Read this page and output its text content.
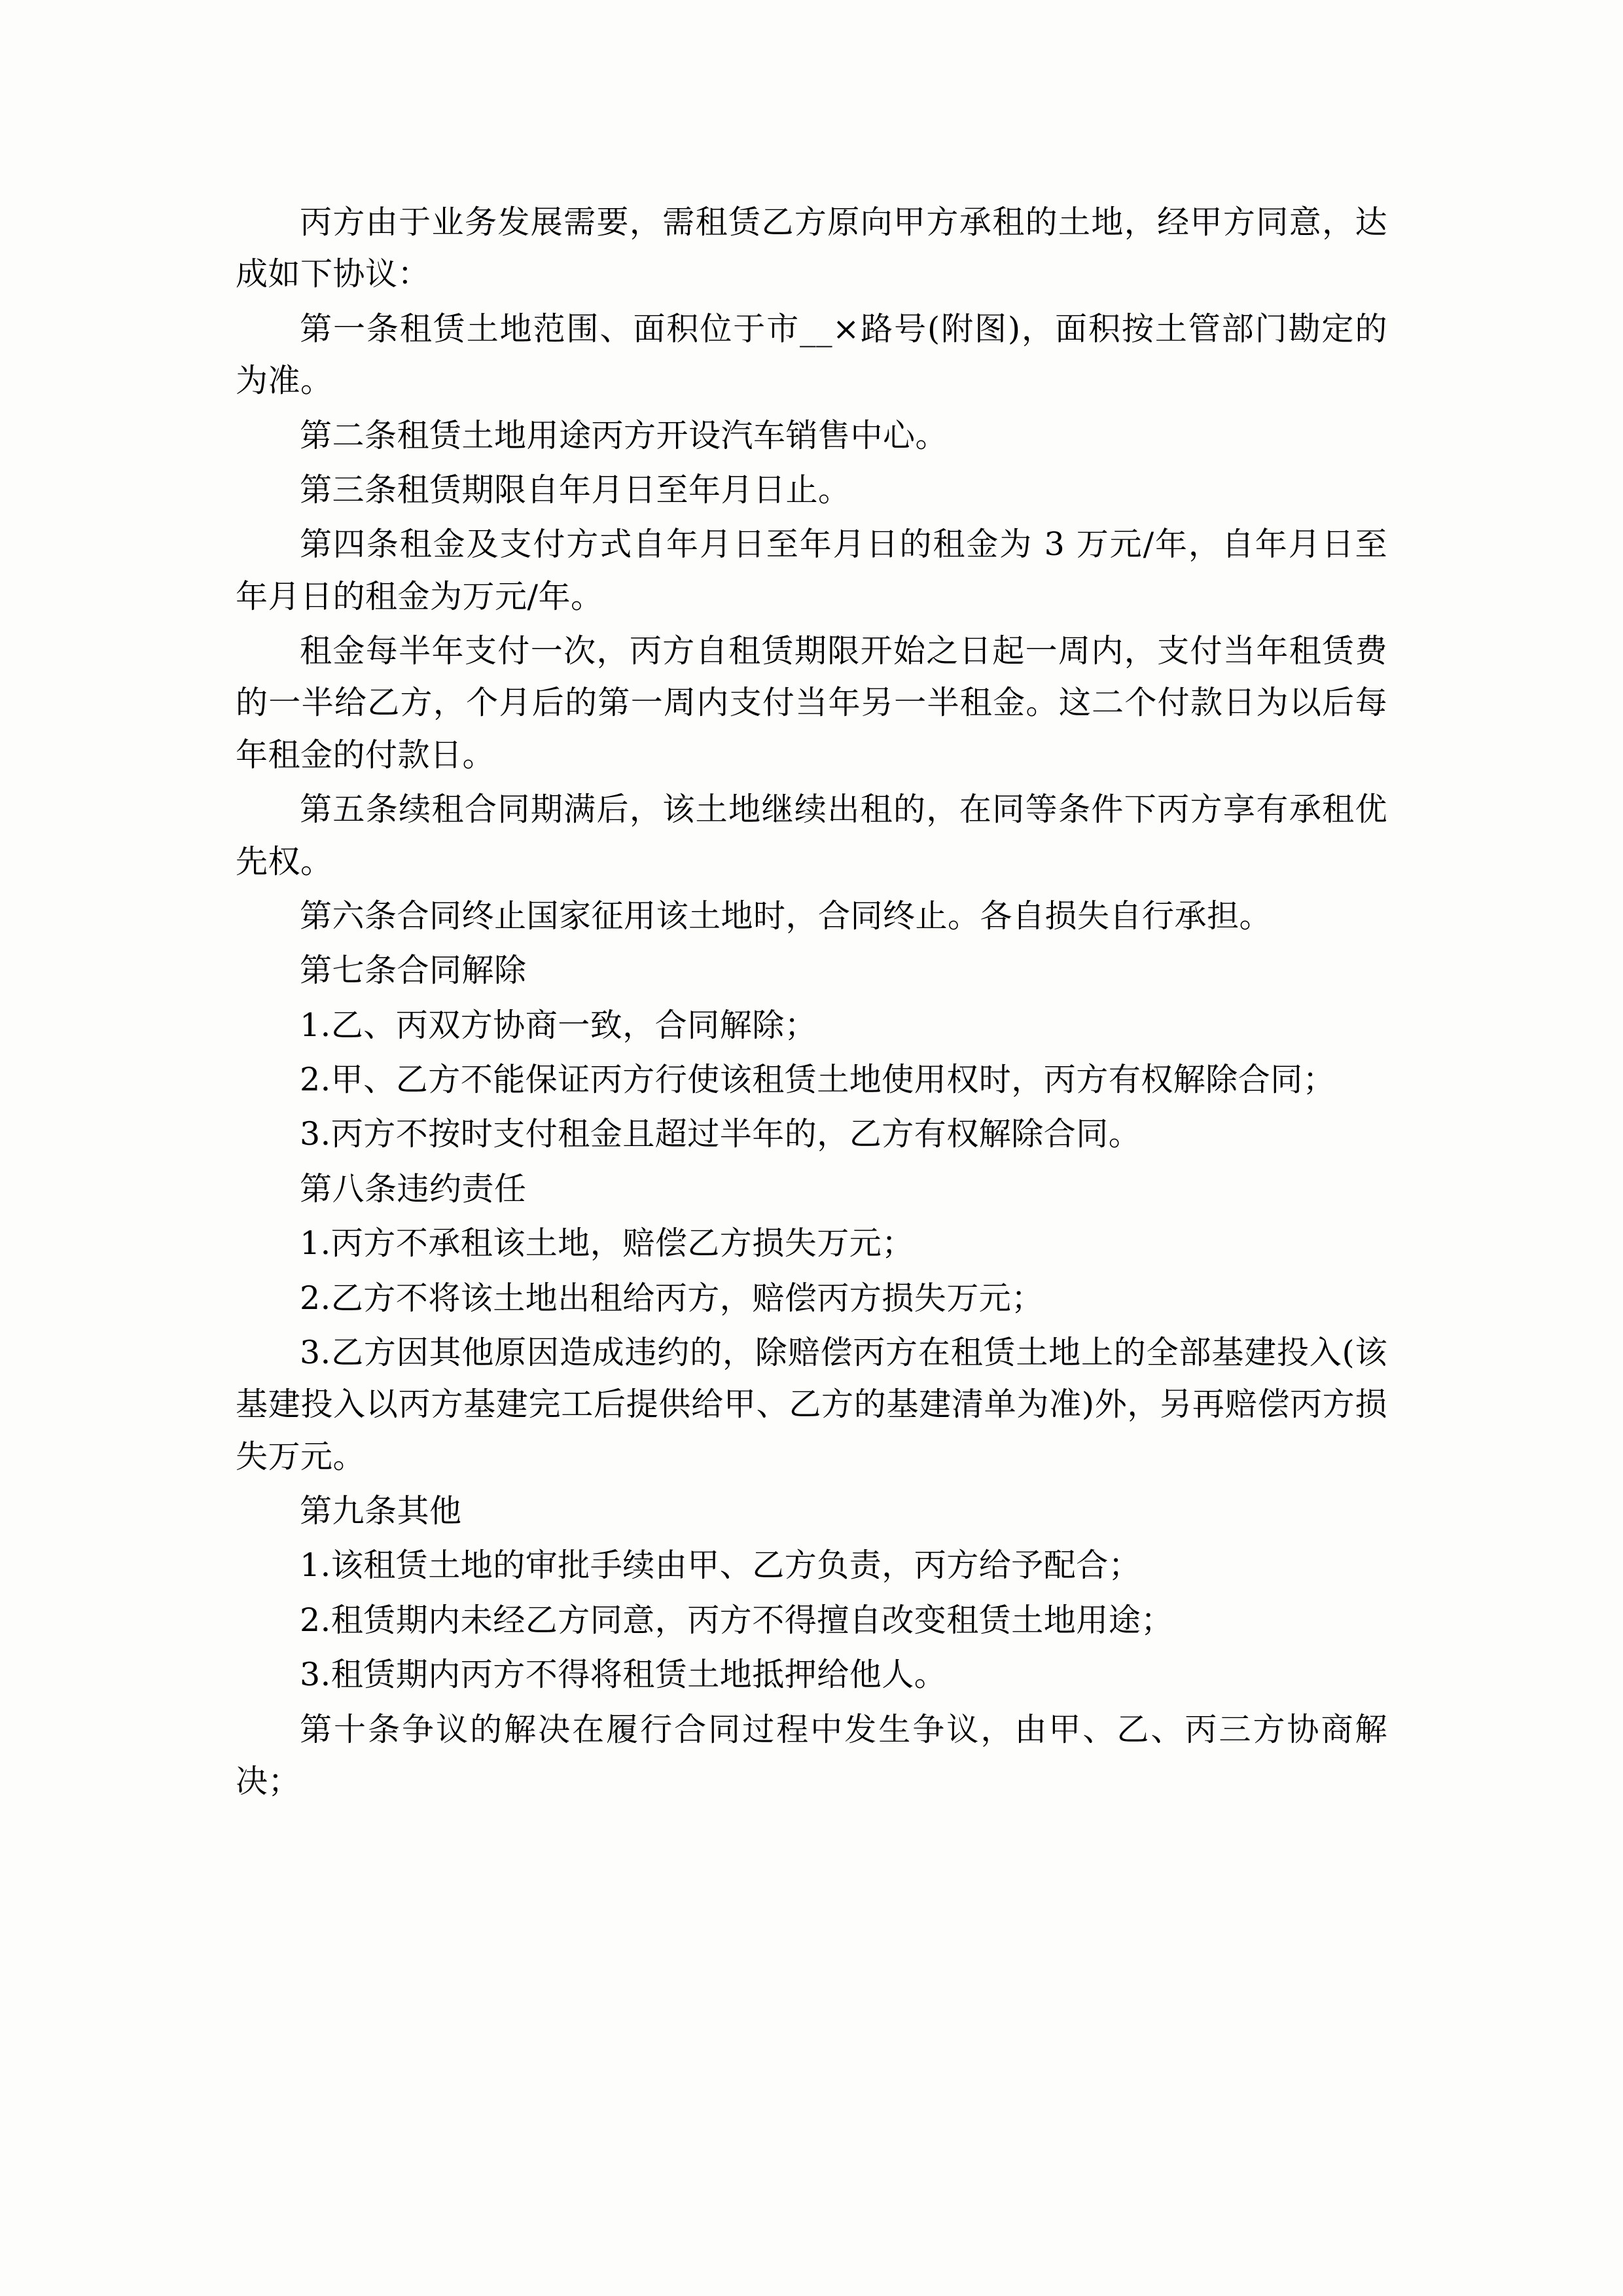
丙方由于业务发展需要，需租赁乙方原向甲方承租的土地，经甲方同意，达成如下协议：

第一条租赁土地范围、面积位于市__×路号(附图)，面积按土管部门勘定的为准。

第二条租赁土地用途丙方开设汽车销售中心。

第三条租赁期限自年月日至年月日止。

第四条租金及支付方式自年月日至年月日的租金为 3 万元/年，自年月日至年月日的租金为万元/年。

租金每半年支付一次，丙方自租赁期限开始之日起一周内，支付当年租赁费的一半给乙方，个月后的第一周内支付当年另一半租金。这二个付款日为以后每年租金的付款日。

第五条续租合同期满后，该土地继续出租的，在同等条件下丙方享有承租优先权。

第六条合同终止国家征用该土地时，合同终止。各自损失自行承担。

第七条合同解除

1.乙、丙双方协商一致，合同解除；

2.甲、乙方不能保证丙方行使该租赁土地使用权时，丙方有权解除合同；

3.丙方不按时支付租金且超过半年的，乙方有权解除合同。

第八条违约责任

1.丙方不承租该土地，赔偿乙方损失万元；

2.乙方不将该土地出租给丙方，赔偿丙方损失万元；

3.乙方因其他原因造成违约的，除赔偿丙方在租赁土地上的全部基建投入(该基建投入以丙方基建完工后提供给甲、乙方的基建清单为准)外，另再赔偿丙方损失万元。

第九条其他

1.该租赁土地的审批手续由甲、乙方负责，丙方给予配合；

2.租赁期内未经乙方同意，丙方不得擅自改变租赁土地用途；

3.租赁期内丙方不得将租赁土地抵押给他人。

第十条争议的解决在履行合同过程中发生争议，由甲、乙、丙三方协商解决；
